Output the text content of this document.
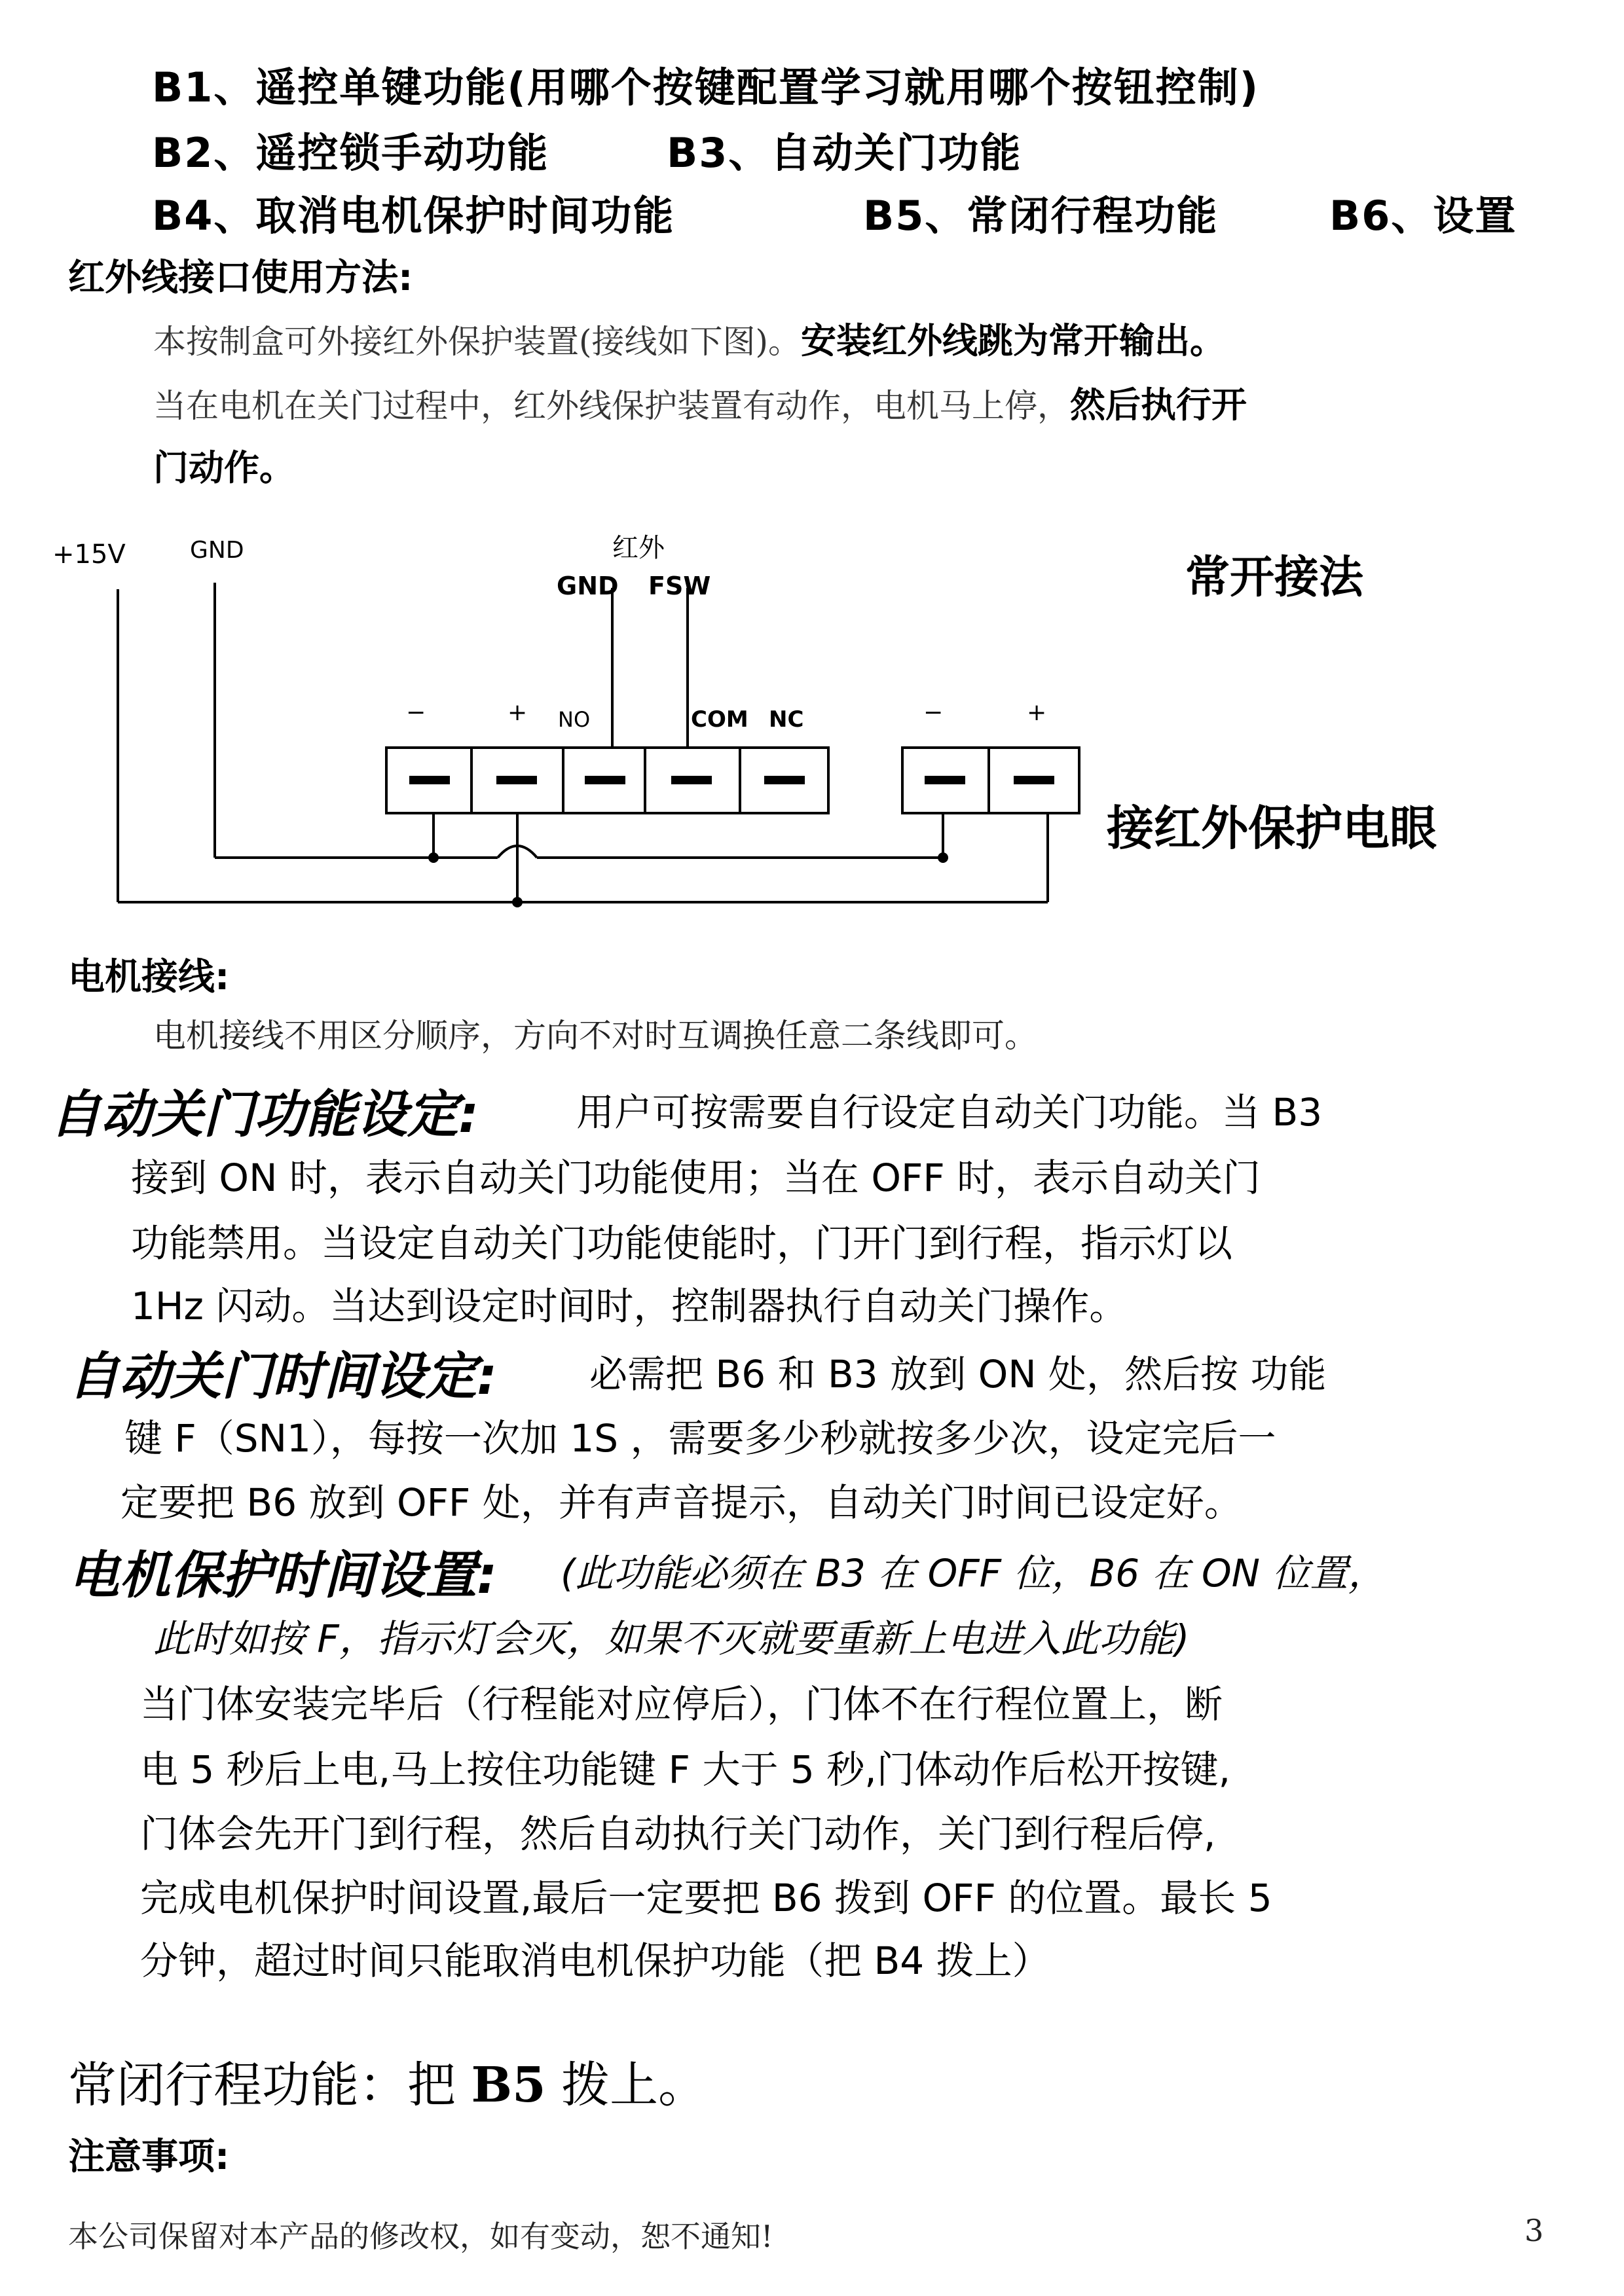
B1、遥控单键功能(用哪个按键配置学习就用哪个按钮控制)
B2、遥控锁手动功能	B3、自动关门功能
B4、取消电机保护时间功能	B5、常闭行程功能	B6、设置
红外线接口使用方法:
本按制盒可外接红外保护装置(接线如下图)。安装红外线跳为常开输出。
当在电机在关门过程中，红外线保护装置有动作，电机马上停，然后执行开
门动作。
+15V	GND	红外
GND FSW	常开接法
接红外保护电眼
−	+ NO	COM NC	−	+
电机接线:
电机接线不用区分顺序，方向不对时互调换任意二条线即可。
自动关门功能设定:	用户可按需要自行设定自动关门功能。当 B3
接到 ON 时，表示自动关门功能使用；当在 OFF 时，表示自动关门
功能禁用。当设定自动关门功能使能时，门开门到行程，指示灯以
1Hz 闪动。当达到设定时间时，控制器执行自动关门操作。
自动关门时间设定: 必需把 B6 和 B3 放到 ON 处，然后按 功能
键 F（SN1），每按一次加 1S ，需要多少秒就按多少次，设定完后一
定要把 B6 放到 OFF 处，并有声音提示，自动关门时间已设定好。
电机保护时间设置: (此功能必须在 B3 在 OFF 位，B6 在 ON 位置，
此时如按 F，指示灯会灭，如果不灭就要重新上电进入此功能)
当门体安装完毕后（行程能对应停后），门体不在行程位置上，断
电 5 秒后上电,马上按住功能键 F 大于 5 秒,门体动作后松开按键,
门体会先开门到行程，然后自动执行关门动作，关门到行程后停,
完成电机保护时间设置,最后一定要把 B6 拨到 OFF 的位置。最长 5
分钟，超过时间只能取消电机保护功能（把 B4 拨上）
常闭行程功能：把 B5 拨上。
注意事项:
本公司保留对本产品的修改权，如有变动，恕不通知!	3
